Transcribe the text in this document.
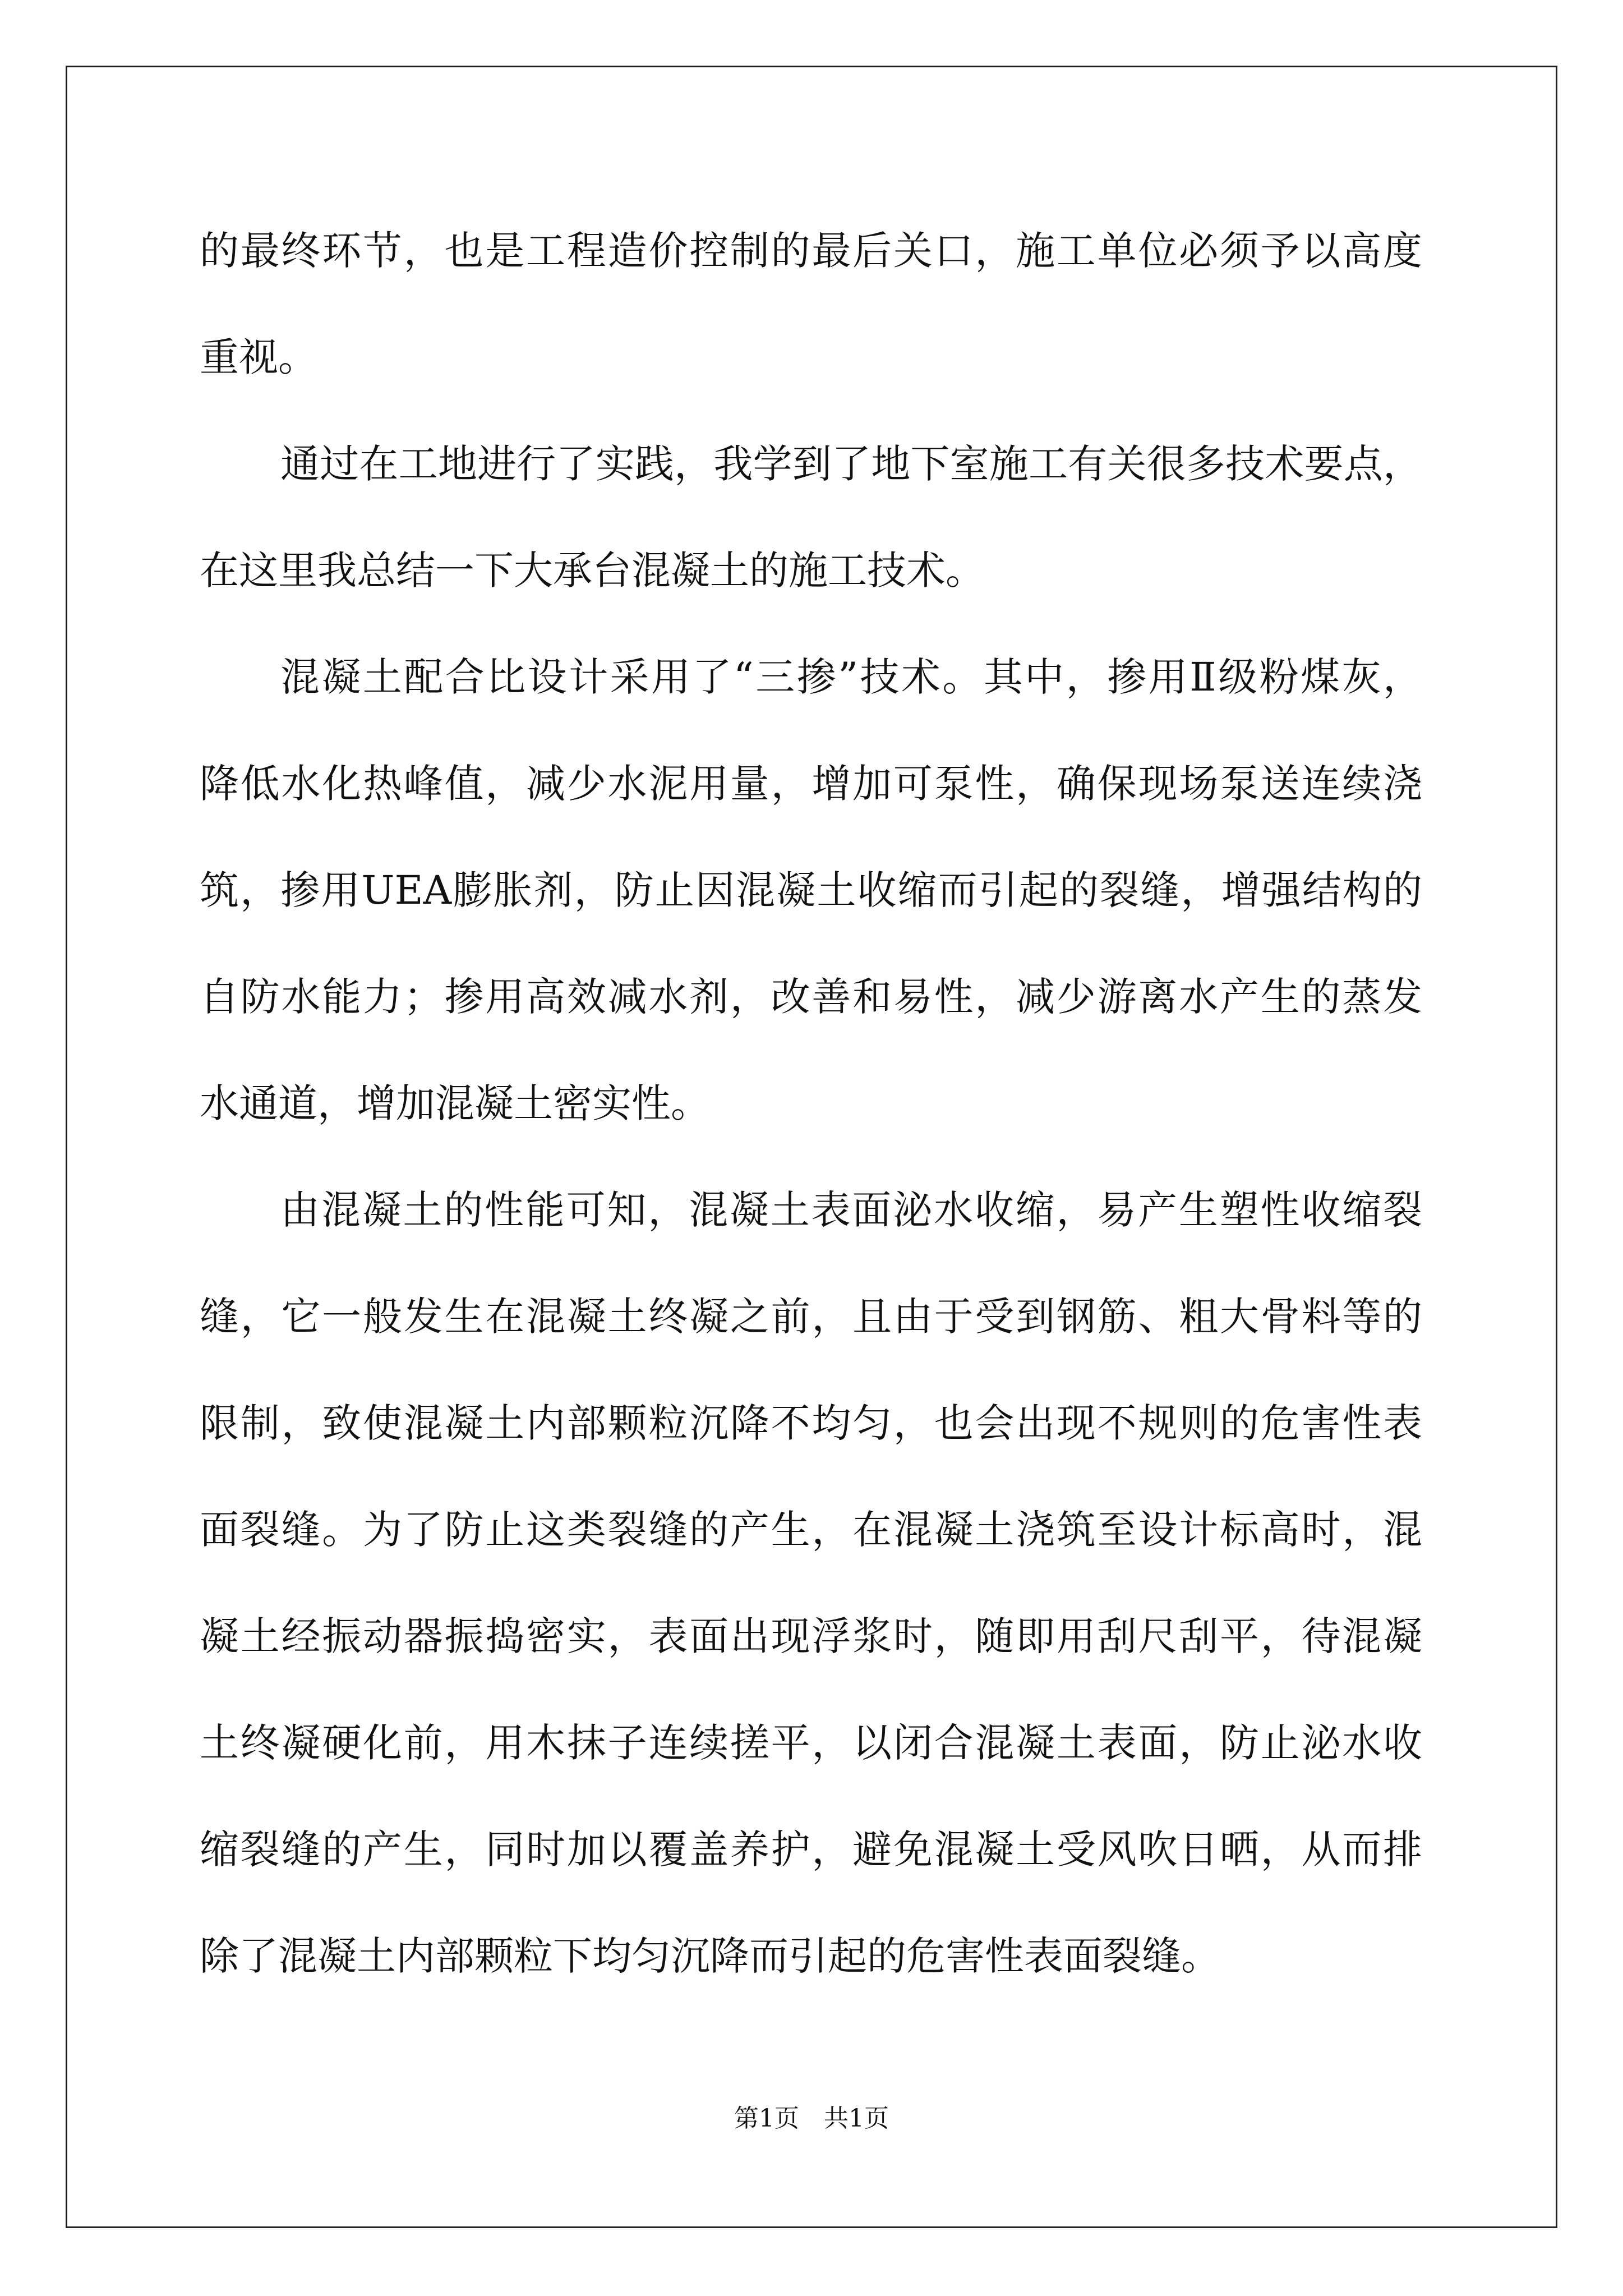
的最终环节，也是工程造价控制的最后关口，施工单位必须予以高度
重视。
通过在工地进行了实践，我学到了地下室施工有关很多技术要点，
在这里我总结一下大承台混凝土的施工技术。
混凝土配合比设计采用了“三掺”技术。其中，掺用Ⅱ级粉煤灰，
降低水化热峰值，减少水泥用量，增加可泵性，确保现场泵送连续浇
筑，掺用UEA膨胀剂，防止因混凝土收缩而引起的裂缝，增强结构的
自防水能力；掺用高效减水剂，改善和易性，减少游离水产生的蒸发
水通道，增加混凝土密实性。
由混凝土的性能可知，混凝土表面泌水收缩，易产生塑性收缩裂
缝，它一般发生在混凝土终凝之前，且由于受到钢筋、粗大骨料等的
限制，致使混凝土内部颗粒沉降不均匀，也会出现不规则的危害性表
面裂缝。为了防止这类裂缝的产生，在混凝土浇筑至设计标高时，混
凝土经振动器振捣密实，表面出现浮浆时，随即用刮尺刮平，待混凝
土终凝硬化前，用木抹子连续搓平，以闭合混凝土表面，防止泌水收
缩裂缝的产生，同时加以覆盖养护，避免混凝土受风吹日晒，从而排
除了混凝土内部颗粒下均匀沉降而引起的危害性表面裂缝。
第1页　共1页
